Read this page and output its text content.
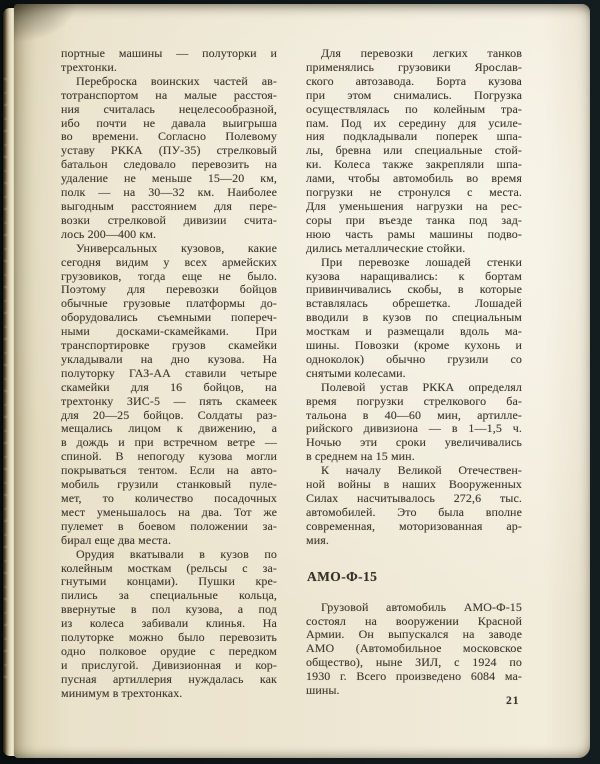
портные машины — полуторки и
трехтонки.
Переброска воинских частей ав-
тотранспортом на малые расстоя-
ния считалась нецелесообразной,
ибо почти не давала выигрыша
во времени. Согласно Полевому
уставу РККА (ПУ-35) стрелковый
батальон следовало перевозить на
удаление не меньше 15—20 км,
полк — на 30—32 км. Наиболее
выгодным расстоянием для пере-
возки стрелковой дивизии счита-
лось 200—400 км.
Универсальных кузовов, какие
сегодня видим у всех армейских
грузовиков, тогда еще не было.
Поэтому для перевозки бойцов
обычные грузовые платформы до-
оборудовались съемными попереч-
ными досками-скамейками. При
транспортировке грузов скамейки
укладывали на дно кузова. На
полуторку ГАЗ-АА ставили четыре
скамейки для 16 бойцов, на
трехтонку ЗИС-5 — пять скамеек
для 20—25 бойцов. Солдаты раз-
мещались лицом к движению, а
в дождь и при встречном ветре —
спиной. В непогоду кузова могли
покрываться тентом. Если на авто-
мобиль грузили станковый пуле-
мет, то количество посадочных
мест уменьшалось на два. Тот же
пулемет в боевом положении за-
бирал еще два места.
Орудия вкатывали в кузов по
колейным мосткам (рельсы с за-
гнутыми концами). Пушки кре-
пились за специальные кольца,
ввернутые в пол кузова, а под
из колеса забивали клинья. На
полуторке можно было перевозить
одно полковое орудие с передком
и прислугой. Дивизионная и кор-
пусная артиллерия нуждалась как
минимум в трехтонках.
Для перевозки легких танков
применялись грузовики Ярослав-
ского автозавода. Борта кузова
при этом снимались. Погрузка
осуществлялась по колейным тра-
пам. Под их середину для усиле-
ния подкладывали поперек шпа-
лы, бревна или специальные стой-
ки. Колеса также закрепляли шпа-
лами, чтобы автомобиль во время
погрузки не стронулся с места.
Для уменьшения нагрузки на рес-
соры при въезде танка под зад-
нюю часть рамы машины подво-
дились металлические стойки.
При перевозке лошадей стенки
кузова наращивались: к бортам
привинчивались скобы, в которые
вставлялась обрешетка. Лошадей
вводили в кузов по специальным
мосткам и размещали вдоль ма-
шины. Повозки (кроме кухонь и
одноколок) обычно грузили со
снятыми колесами.
Полевой устав РККА определял
время погрузки стрелкового ба-
тальона в 40—60 мин, артилле-
рийского дивизиона — в 1—1,5 ч.
Ночью эти сроки увеличивались
в среднем на 15 мин.
К началу Великой Отечествен-
ной войны в наших Вооруженных
Силах насчитывалось 272,6 тыс.
автомобилей. Это была вполне
современная, моторизованная ар-
мия.
АМО-Ф-15
Грузовой автомобиль АМО-Ф-15
состоял на вооружении Красной
Армии. Он выпускался на заводе
АМО (Автомобильное московское
общество), ныне ЗИЛ, с 1924 по
1930 г. Всего произведено 6084 ма-
шины.
21
